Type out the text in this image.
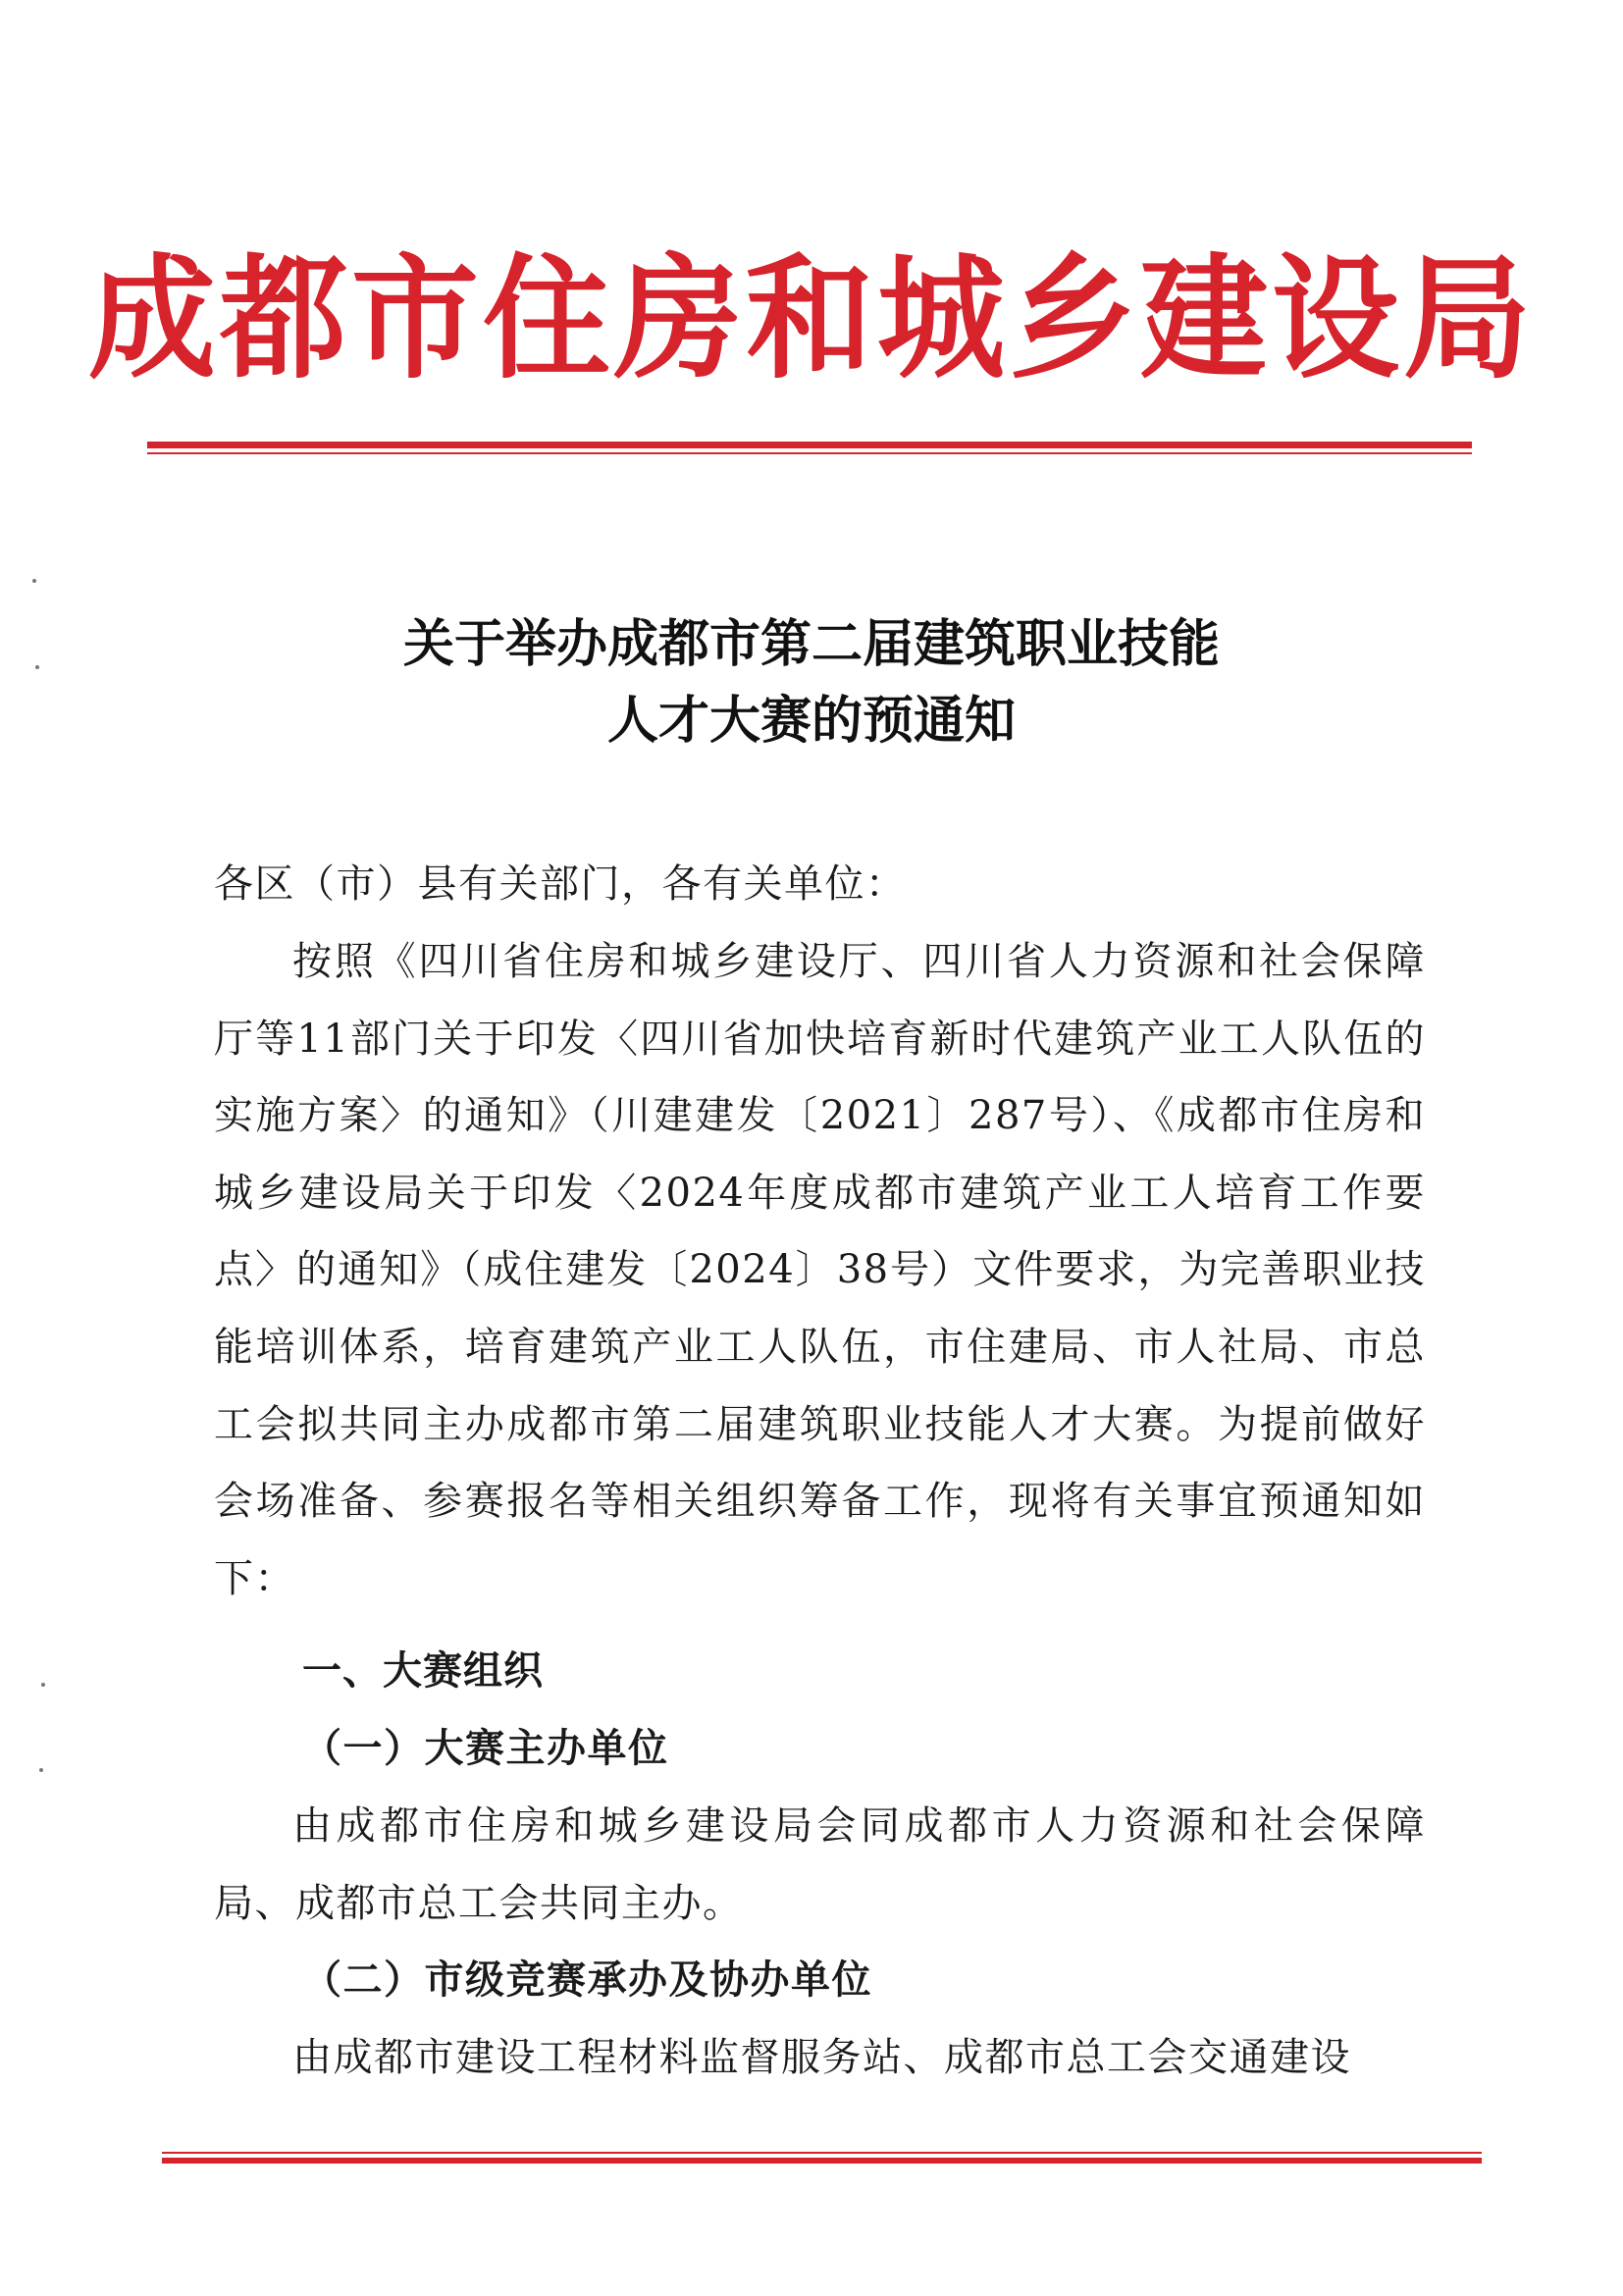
成都市住房和城乡建设局
关于举办成都市第二届建筑职业技能
人才大赛的预通知

各区（市）县有关部门，各有关单位：

按照《四川省住房和城乡建设厅、四川省人力资源和社会保障厅等11部门关于印发〈四川省加快培育新时代建筑产业工人队伍的实施方案〉的通知》（川建建发〔2021〕287号）、《成都市住房和城乡建设局关于印发〈2024年度成都市建筑产业工人培育工作要点〉的通知》（成住建发〔2024〕38号）文件要求，为完善职业技能培训体系，培育建筑产业工人队伍，市住建局、市人社局、市总工会拟共同主办成都市第二届建筑职业技能人才大赛。为提前做好会场准备、参赛报名等相关组织筹备工作，现将有关事宜预通知如下：

一、大赛组织
（一）大赛主办单位

由成都市住房和城乡建设局会同成都市人力资源和社会保障局、成都市总工会共同主办。

（二）市级竞赛承办及协办单位

由成都市建设工程材料监督服务站、成都市总工会交通建设
